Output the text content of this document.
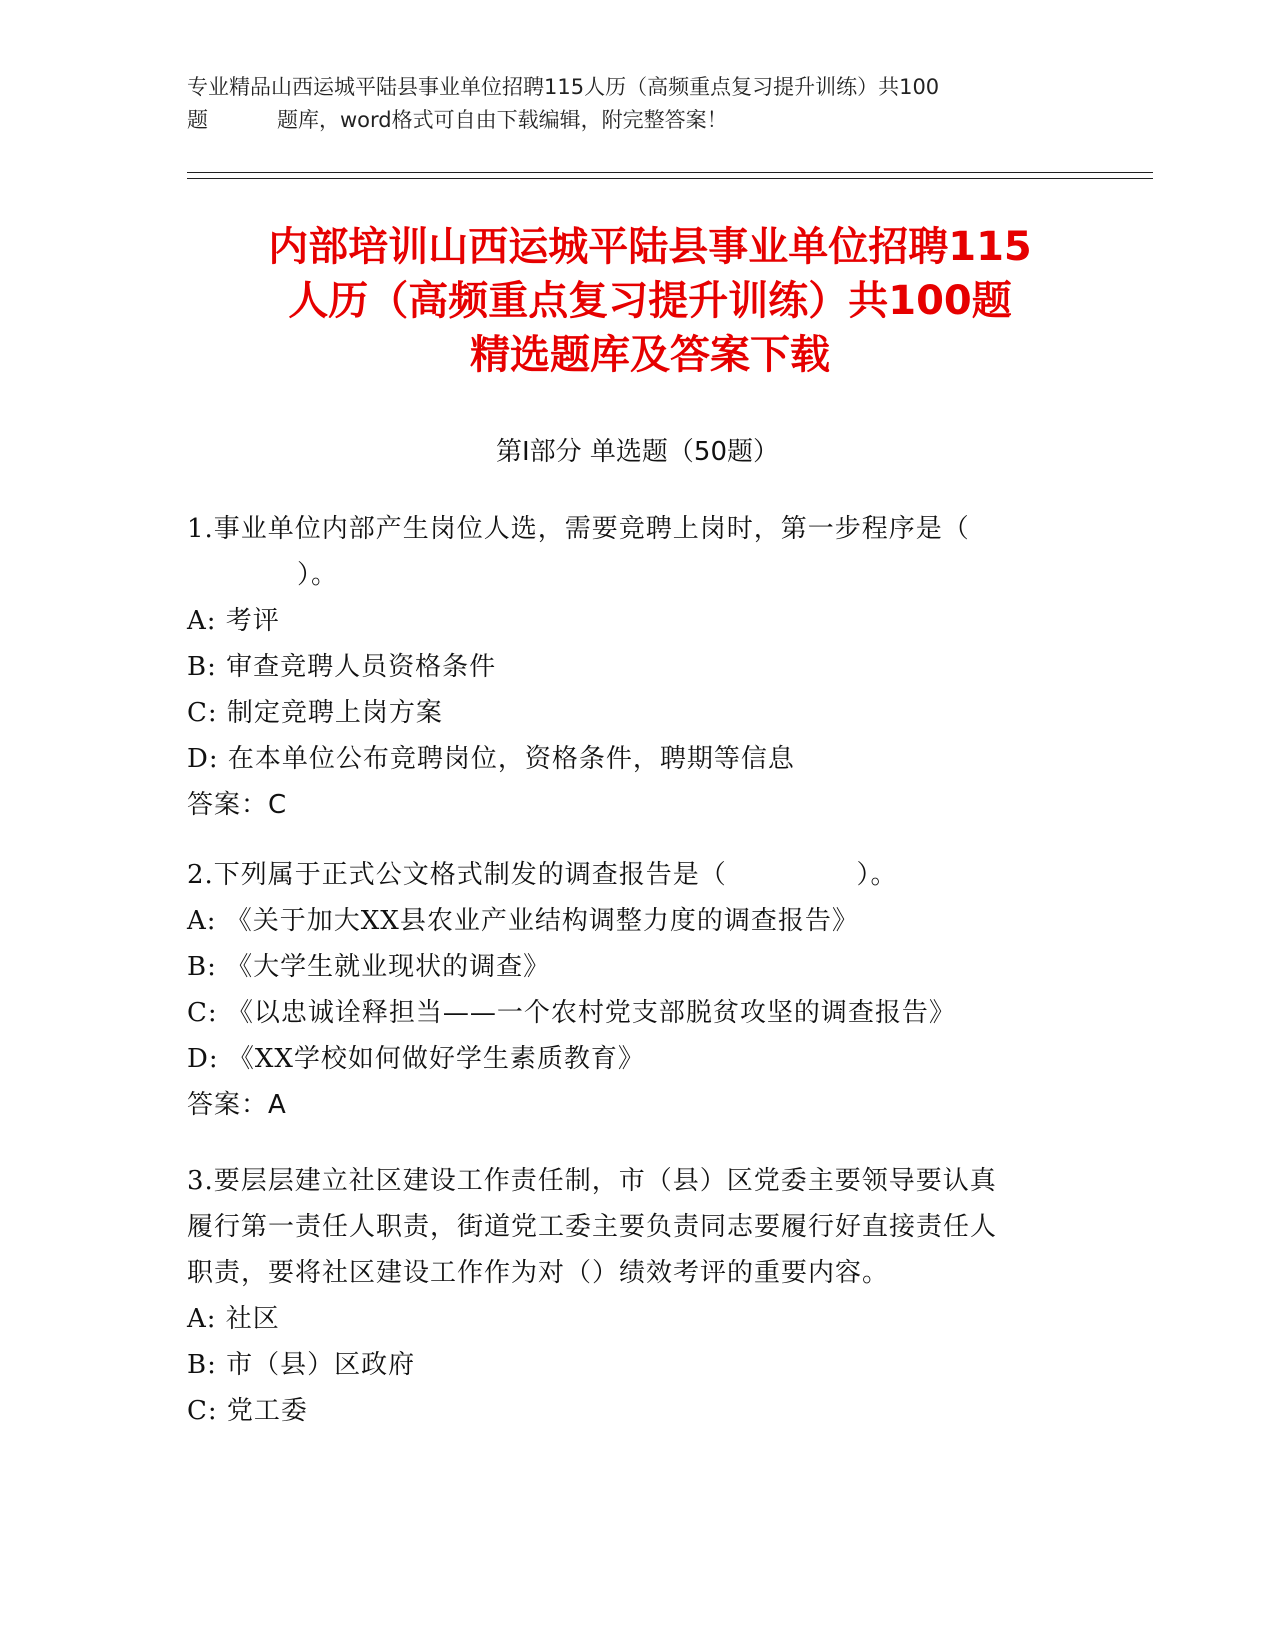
专业精品山西运城平陆县事业单位招聘115人历（高频重点复习提升训练）共100
题	题库，word格式可自由下载编辑，附完整答案！
内部培训山西运城平陆县事业单位招聘115
人历（高频重点复习提升训练）共100题
精选题库及答案下载
第Ⅰ部分 单选题（50题）
1.事业单位内部产生岗位人选，需要竞聘上岗时，第一步程序是（
）。
A: 考评
B: 审查竞聘人员资格条件
C: 制定竞聘上岗方案
D: 在本单位公布竞聘岗位，资格条件，聘期等信息
答案：C
2.下列属于正式公文格式制发的调查报告是（              ）。
A: 《关于加大XX县农业产业结构调整力度的调查报告》
B: 《大学生就业现状的调查》
C: 《以忠诚诠释担当——一个农村党支部脱贫攻坚的调查报告》
D: 《XX学校如何做好学生素质教育》
答案：A
3.要层层建立社区建设工作责任制，市（县）区党委主要领导要认真
履行第一责任人职责，街道党工委主要负责同志要履行好直接责任人
职责，要将社区建设工作作为对（）绩效考评的重要内容。
A: 社区
B: 市（县）区政府
C: 党工委
